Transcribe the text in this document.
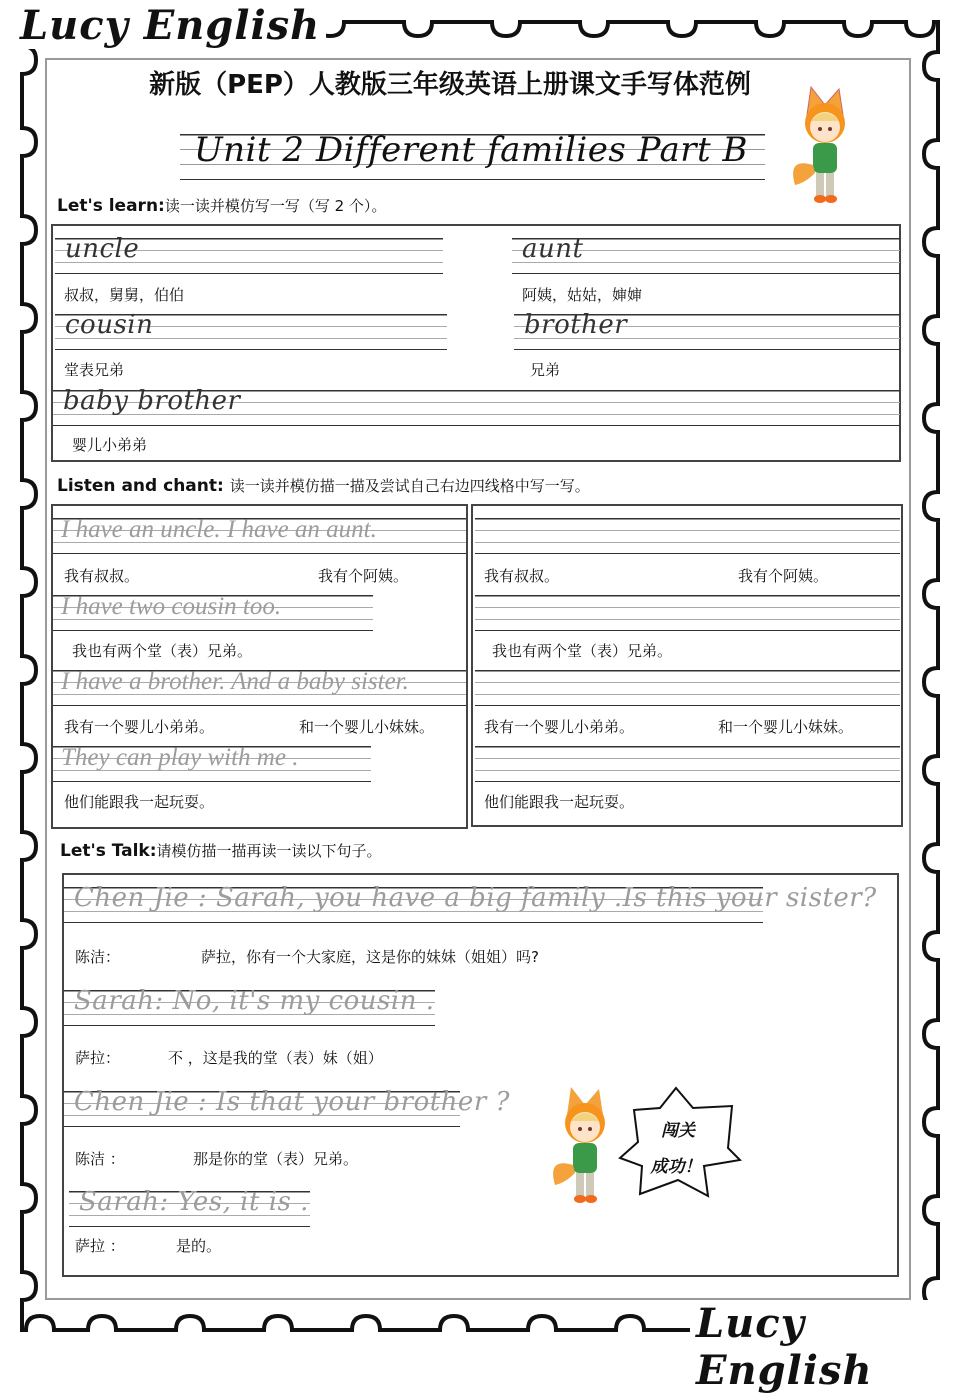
Lucy English
Lucy English
新版（PEP）人教版三年级英语上册课文手写体范例
Unit 2 Different families Part B
Let's learn:读一读并模仿写一写（写 2 个）。
uncle	aunt
叔叔，舅舅，伯伯	阿姨，姑姑，婶婶
cousin	brother
堂表兄弟	兄弟
baby brother
婴儿小弟弟
Listen and chant: 读一读并模仿描一描及尝试自己右边四线格中写一写。
I have an uncle. I have an aunt.
我有叔叔。	我有个阿姨。	我有叔叔。	我有个阿姨。
I have two cousin too.
我也有两个堂（表）兄弟。	我也有两个堂（表）兄弟。
I have a brother. And a baby sister.
我有一个婴儿小弟弟。	和一个婴儿小妹妹。	我有一个婴儿小弟弟。	和一个婴儿小妹妹。
They can play with me .
他们能跟我一起玩耍。	他们能跟我一起玩耍。
Let's Talk:请模仿描一描再读一读以下句子。
Chen Jie : Sarah, you have a big family .Is this your sister?
陈洁：	萨拉，你有一个大家庭，这是你的妹妹（姐姐）吗?
Sarah: No, it's my cousin .
萨拉：	不 ，这是我的堂（表）妹（姐）
Chen Jie : Is that your brother ?
陈洁 ：	那是你的堂（表）兄弟。
Sarah: Yes, it is .
萨拉 ：	是的。
闯关
成功！
